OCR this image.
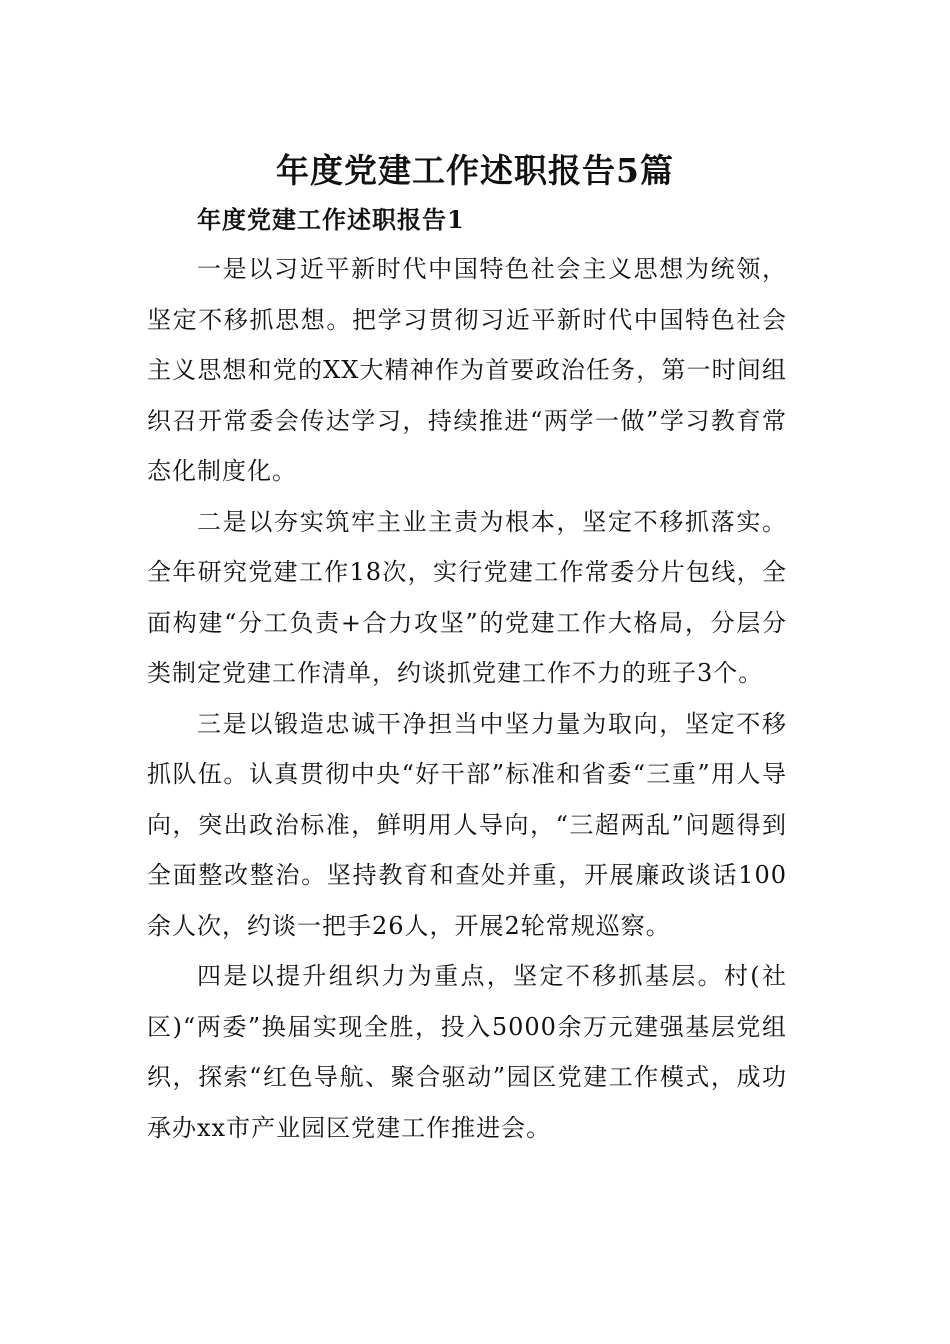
年度党建工作述职报告5篇
年度党建工作述职报告1

一是以习近平新时代中国特色社会主义思想为统领，坚定不移抓思想。把学习贯彻习近平新时代中国特色社会主义思想和党的XX大精神作为首要政治任务，第一时间组织召开常委会传达学习，持续推进“两学一做”学习教育常态化制度化。

二是以夯实筑牢主业主责为根本，坚定不移抓落实。全年研究党建工作18次，实行党建工作常委分片包线，全面构建“分工负责+合力攻坚”的党建工作大格局，分层分类制定党建工作清单，约谈抓党建工作不力的班子3个。

三是以锻造忠诚干净担当中坚力量为取向，坚定不移抓队伍。认真贯彻中央“好干部”标准和省委“三重”用人导向，突出政治标准，鲜明用人导向，“三超两乱”问题得到全面整改整治。坚持教育和查处并重，开展廉政谈话100余人次，约谈一把手26人，开展2轮常规巡察。

四是以提升组织力为重点，坚定不移抓基层。村(社区)“两委”换届实现全胜，投入5000余万元建强基层党组织，探索“红色导航、聚合驱动”园区党建工作模式，成功承办xx市产业园区党建工作推进会。
